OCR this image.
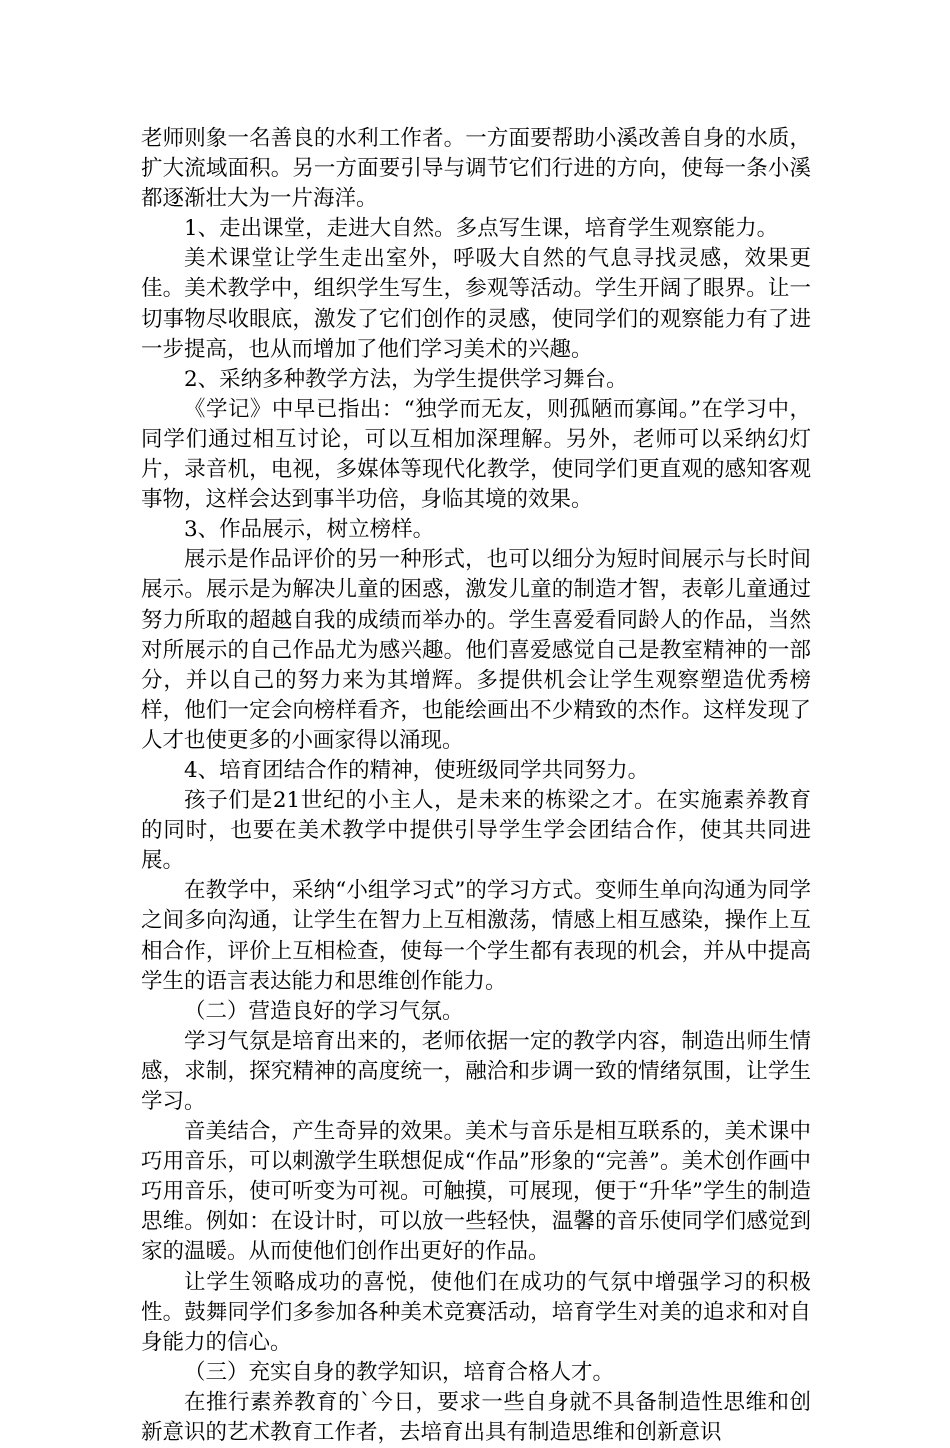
老师则象一名善良的水利工作者。一方面要帮助小溪改善自身的水质，扩大流域面积。另一方面要引导与调节它们行进的方向，使每一条小溪都逐渐壮大为一片海洋。

1、走出课堂，走进大自然。多点写生课，培育学生观察能力。

美术课堂让学生走出室外，呼吸大自然的气息寻找灵感，效果更佳。美术教学中，组织学生写生，参观等活动。学生开阔了眼界。让一切事物尽收眼底，激发了它们创作的灵感，使同学们的观察能力有了进一步提高，也从而增加了他们学习美术的兴趣。

2、采纳多种教学方法，为学生提供学习舞台。

《学记》中早已指出：“独学而无友，则孤陋而寡闻。”在学习中，同学们通过相互讨论，可以互相加深理解。另外，老师可以采纳幻灯片，录音机，电视，多媒体等现代化教学，使同学们更直观的感知客观事物，这样会达到事半功倍，身临其境的效果。

3、作品展示，树立榜样。

展示是作品评价的另一种形式，也可以细分为短时间展示与长时间展示。展示是为解决儿童的困惑，激发儿童的制造才智，表彰儿童通过努力所取的超越自我的成绩而举办的。学生喜爱看同龄人的作品，当然对所展示的自己作品尤为感兴趣。他们喜爱感觉自己是教室精神的一部分，并以自己的努力来为其增辉。多提供机会让学生观察塑造优秀榜样，他们一定会向榜样看齐，也能绘画出不少精致的杰作。这样发现了人才也使更多的小画家得以涌现。

4、培育团结合作的精神，使班级同学共同努力。

孩子们是21世纪的小主人，是未来的栋梁之才。在实施素养教育的同时，也要在美术教学中提供引导学生学会团结合作，使其共同进展。

在教学中，采纳“小组学习式”的学习方式。变师生单向沟通为同学之间多向沟通，让学生在智力上互相激荡，情感上相互感染，操作上互相合作，评价上互相检查，使每一个学生都有表现的机会，并从中提高学生的语言表达能力和思维创作能力。

（二）营造良好的学习气氛。

学习气氛是培育出来的，老师依据一定的教学内容，制造出师生情感，求制，探究精神的高度统一，融洽和步调一致的情绪氛围，让学生学习。

音美结合，产生奇异的效果。美术与音乐是相互联系的，美术课中巧用音乐，可以刺激学生联想促成“作品”形象的“完善”。美术创作画中巧用音乐，使可听变为可视。可触摸，可展现，便于“升华”学生的制造思维。例如：在设计时，可以放一些轻快，温馨的音乐使同学们感觉到家的温暖。从而使他们创作出更好的作品。

让学生领略成功的喜悦，使他们在成功的气氛中增强学习的积极性。鼓舞同学们多参加各种美术竞赛活动，培育学生对美的追求和对自身能力的信心。

（三）充实自身的教学知识，培育合格人才。

在推行素养教育的`今日，要求一些自身就不具备制造性思维和创新意识的艺术教育工作者，去培育出具有制造思维和创新意识
